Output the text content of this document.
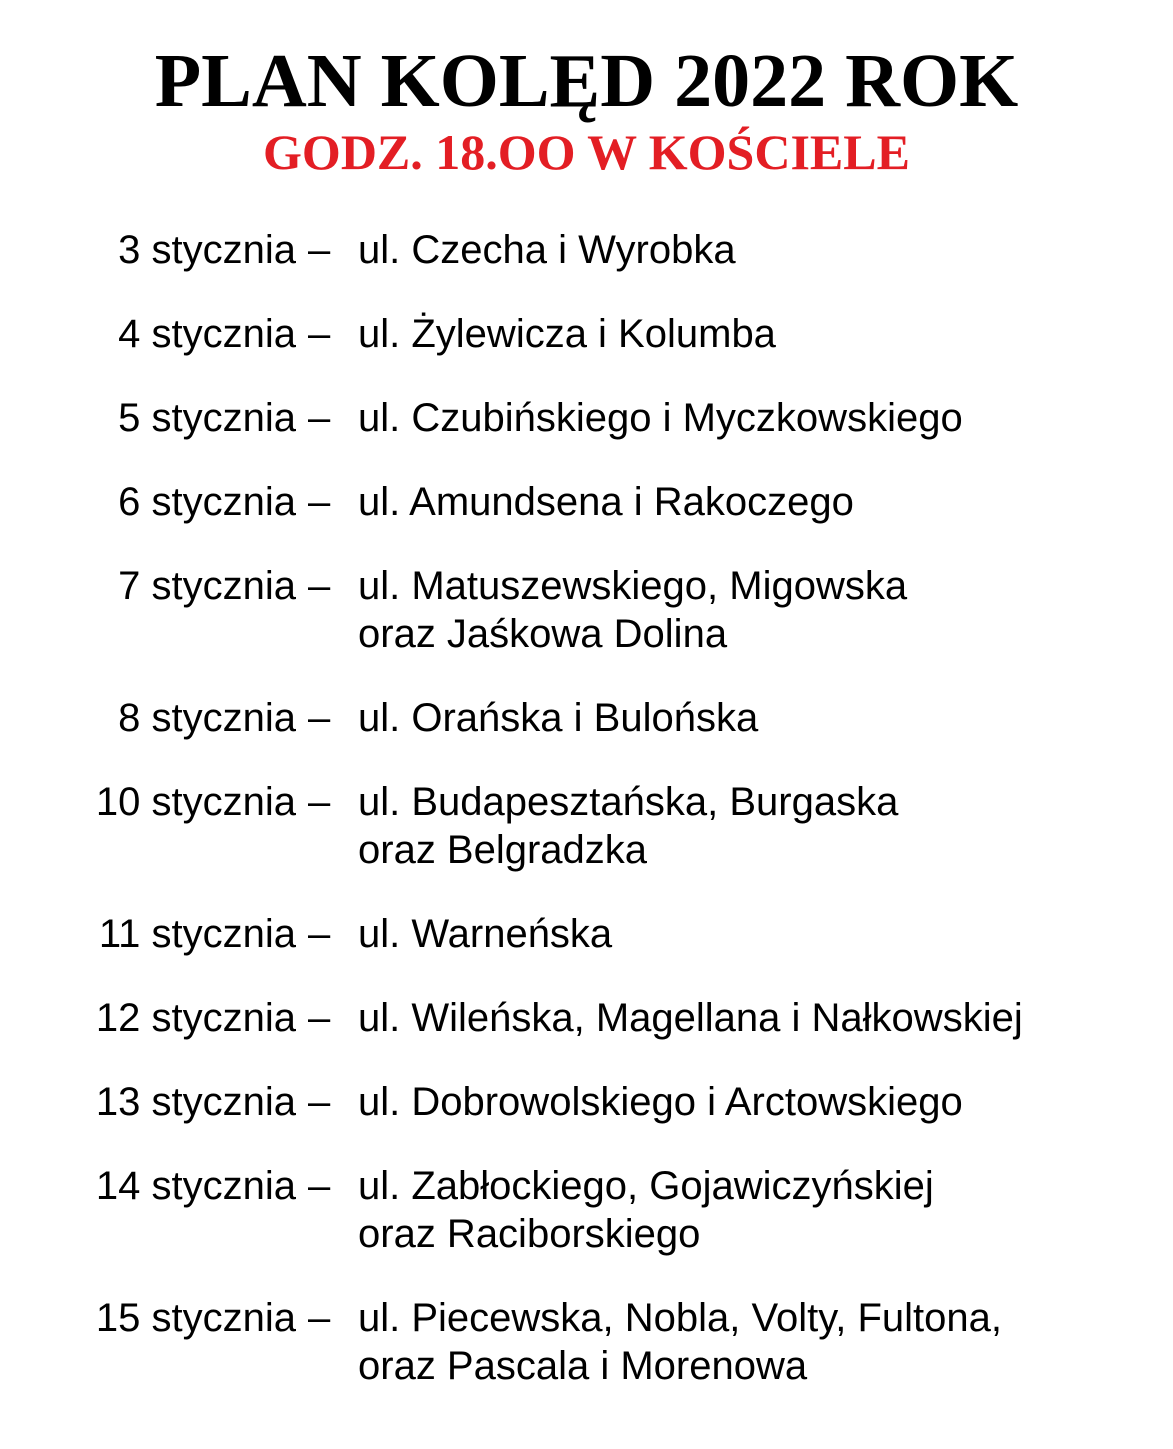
PLAN KOLĘD 2022 ROK
GODZ. 18.OO W KOŚCIELE
3 stycznia – ul. Czecha i Wyrobka
4 stycznia – ul. Żylewicza i Kolumba
5 stycznia – ul. Czubińskiego i Myczkowskiego
6 stycznia – ul. Amundsena i Rakoczego
7 stycznia – ul. Matuszewskiego, Migowska
oraz Jaśkowa Dolina
8 stycznia – ul. Orańska i Bulońska
10 stycznia – ul. Budapesztańska, Burgaska
oraz Belgradzka
11 stycznia – ul. Warneńska
12 stycznia – ul. Wileńska, Magellana i Nałkowskiej
13 stycznia – ul. Dobrowolskiego i Arctowskiego
14 stycznia – ul. Zabłockiego, Gojawiczyńskiej
oraz Raciborskiego
15 stycznia – ul. Piecewska, Nobla, Volty, Fultona,
oraz Pascala i Morenowa
